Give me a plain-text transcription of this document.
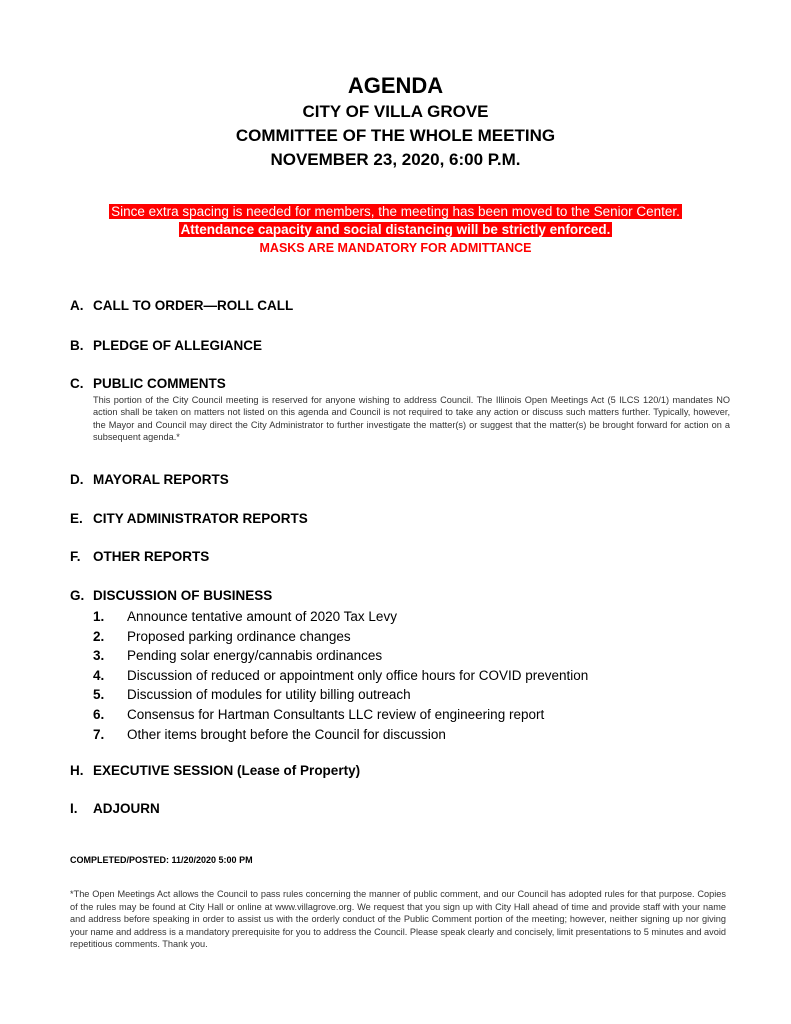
AGENDA
CITY OF VILLA GROVE
COMMITTEE OF THE WHOLE MEETING
NOVEMBER 23, 2020, 6:00 P.M.
Since extra spacing is needed for members, the meeting has been moved to the Senior Center.
Attendance capacity and social distancing will be strictly enforced.
MASKS ARE MANDATORY FOR ADMITTANCE
A. CALL TO ORDER—ROLL CALL
B. PLEDGE OF ALLEGIANCE
C. PUBLIC COMMENTS
This portion of the City Council meeting is reserved for anyone wishing to address Council. The Illinois Open Meetings Act (5 ILCS 120/1) mandates NO action shall be taken on matters not listed on this agenda and Council is not required to take any action or discuss such matters further. Typically, however, the Mayor and Council may direct the City Administrator to further investigate the matter(s) or suggest that the matter(s) be brought forward for action on a subsequent agenda.*
D. MAYORAL REPORTS
E. CITY ADMINISTRATOR REPORTS
F. OTHER REPORTS
G. DISCUSSION OF BUSINESS
1. Announce tentative amount of 2020 Tax Levy
2. Proposed parking ordinance changes
3. Pending solar energy/cannabis ordinances
4. Discussion of reduced or appointment only office hours for COVID prevention
5. Discussion of modules for utility billing outreach
6. Consensus for Hartman Consultants LLC review of engineering report
7. Other items brought before the Council for discussion
H. EXECUTIVE SESSION (Lease of Property)
I. ADJOURN
COMPLETED/POSTED: 11/20/2020 5:00 PM
*The Open Meetings Act allows the Council to pass rules concerning the manner of public comment, and our Council has adopted rules for that purpose. Copies of the rules may be found at City Hall or online at www.villagrove.org. We request that you sign up with City Hall ahead of time and provide staff with your name and address before speaking in order to assist us with the orderly conduct of the Public Comment portion of the meeting; however, neither signing up nor giving your name and address is a mandatory prerequisite for you to address the Council. Please speak clearly and concisely, limit presentations to 5 minutes and avoid repetitious comments. Thank you.
